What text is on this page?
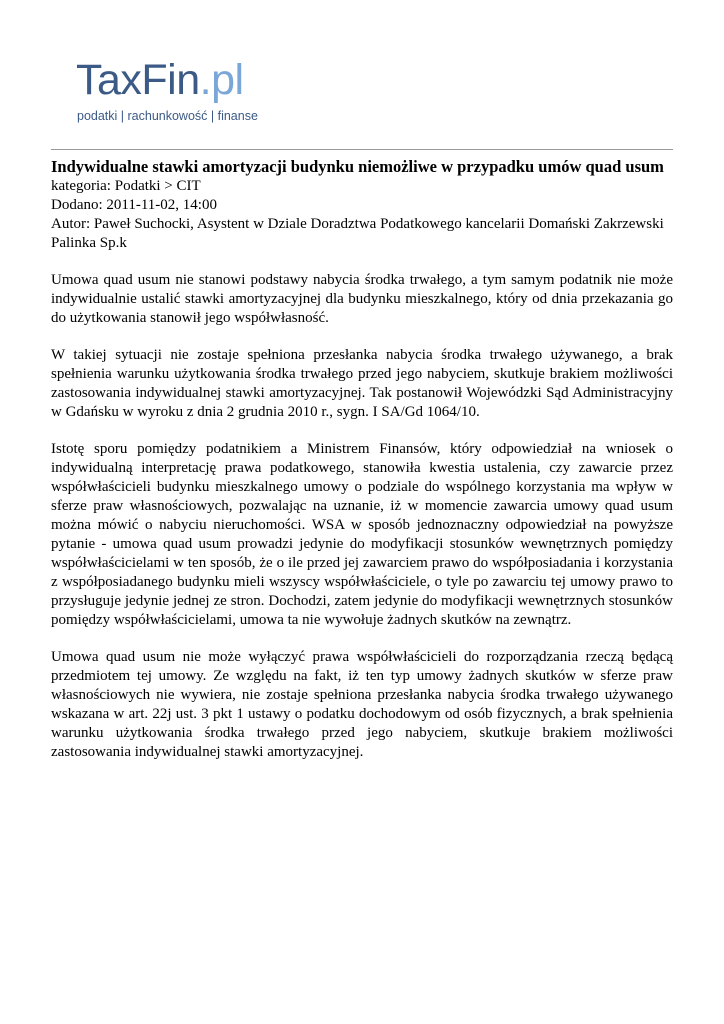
TaxFin.pl
podatki | rachunkowość | finanse
Indywidualne stawki amortyzacji budynku niemożliwe w przypadku umów quad usum

kategoria: Podatki > CIT

Dodano: 2011-11-02, 14:00

Autor: Paweł Suchocki, Asystent w Dziale Doradztwa Podatkowego kancelarii Domański Zakrzewski Palinka Sp.k

Umowa quad usum nie stanowi podstawy nabycia środka trwałego, a tym samym podatnik nie może indywidualnie ustalić stawki amortyzacyjnej dla budynku mieszkalnego, który od dnia przekazania go do użytkowania stanowił jego współwłasność.

W takiej sytuacji nie zostaje spełniona przesłanka nabycia środka trwałego używanego, a brak spełnienia warunku użytkowania środka trwałego przed jego nabyciem, skutkuje brakiem możliwości zastosowania indywidualnej stawki amortyzacyjnej. Tak postanowił Wojewódzki Sąd Administracyjny w Gdańsku w wyroku z dnia 2 grudnia 2010 r., sygn. I SA/Gd 1064/10.

Istotę sporu pomiędzy podatnikiem a Ministrem Finansów, który odpowiedział na wniosek o indywidualną interpretację prawa podatkowego, stanowiła kwestia ustalenia, czy zawarcie przez współwłaścicieli budynku mieszkalnego umowy o podziale do wspólnego korzystania ma wpływ w sferze praw własnościowych, pozwalając na uznanie, iż w momencie zawarcia umowy quad usum można mówić o nabyciu nieruchomości. WSA w sposób jednoznaczny odpowiedział na powyższe pytanie - umowa quad usum prowadzi jedynie do modyfikacji stosunków wewnętrznych pomiędzy współwłaścicielami w ten sposób, że o ile przed jej zawarciem prawo do współposiadania i korzystania z współposiadanego budynku mieli wszyscy współwłaściciele, o tyle po zawarciu tej umowy prawo to przysługuje jedynie jednej ze stron. Dochodzi, zatem jedynie do modyfikacji wewnętrznych stosunków pomiędzy współwłaścicielami, umowa ta nie wywołuje żadnych skutków na zewnątrz.

Umowa quad usum nie może wyłączyć prawa współwłaścicieli do rozporządzania rzeczą będącą przedmiotem tej umowy. Ze względu na fakt, iż ten typ umowy żadnych skutków w sferze praw własnościowych nie wywiera, nie zostaje spełniona przesłanka nabycia środka trwałego używanego wskazana w art. 22j ust. 3 pkt 1 ustawy o podatku dochodowym od osób fizycznych, a brak spełnienia warunku użytkowania środka trwałego przed jego nabyciem, skutkuje brakiem możliwości zastosowania indywidualnej stawki amortyzacyjnej.
